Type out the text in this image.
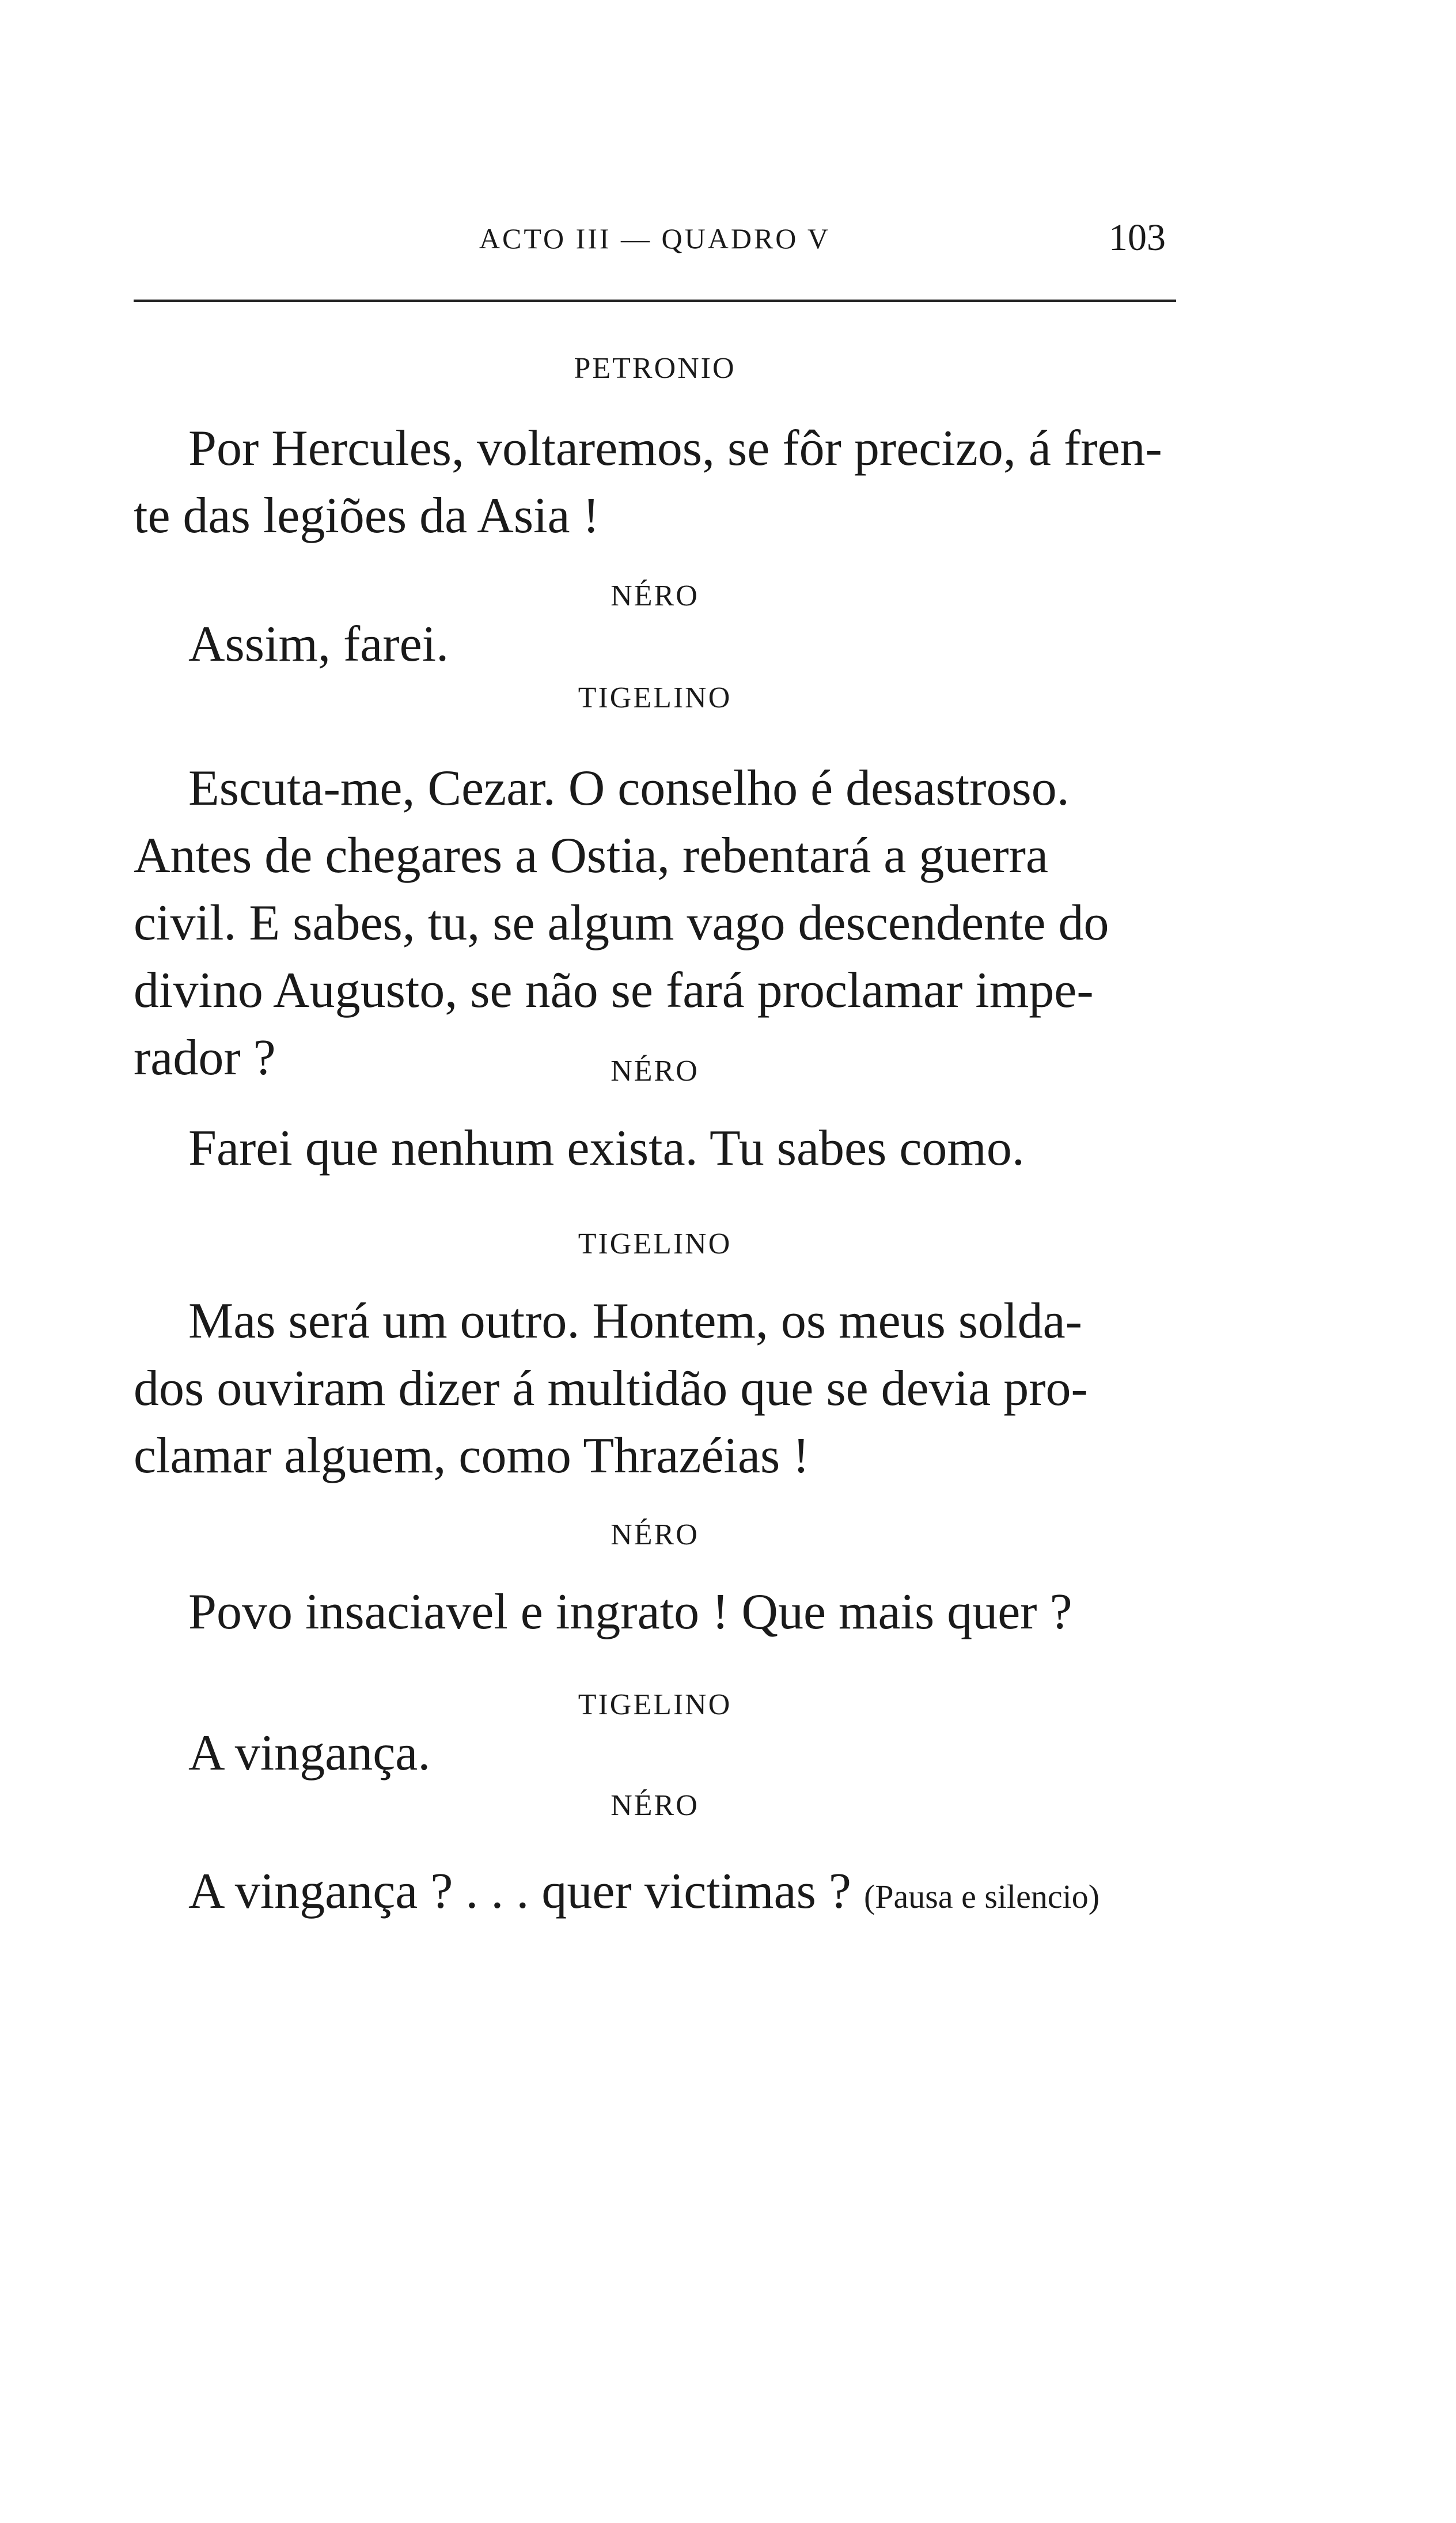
ACTO III — QUADRO V	103
PETRONIO
Por Hercules, voltaremos, se fôr precizo, á fren-
te das legiões da Asia !
NÉRO
Assim, farei.
TIGELINO
Escuta-me, Cezar. O conselho é desastroso.
Antes de chegares a Ostia, rebentará a guerra
civil. E sabes, tu, se algum vago descendente do
divino Augusto, se não se fará proclamar impe-
rador ?	NÉRO
Farei que nenhum exista. Tu sabes como.
TIGELINO
Mas será um outro. Hontem, os meus solda-
dos ouviram dizer á multidão que se devia pro-
clamar alguem, como Thrazéias !
NÉRO
Povo insaciavel e ingrato ! Que mais quer ?
TIGELINO
A vingança.
NÉRO
A vingança ? . . . quer victimas ? (Pausa e silencio)
